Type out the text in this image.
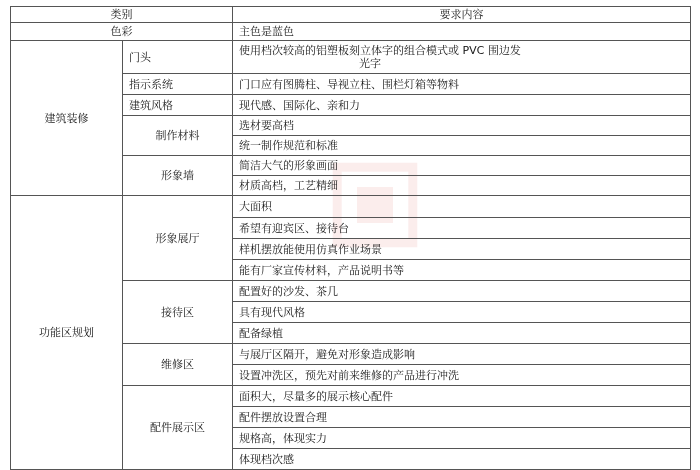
类别		要求内容
色彩		主色是蓝色
建筑装修	门头	使用档次较高的铝塑板刻立体字的组合模式或 PVC 围边发
光字

	指示系统	门口应有图腾柱、导视立柱、围栏灯箱等物料
	建筑风格	现代感、国际化、亲和力
	制作材料	选材要高档
		统一制作规范和标准
	形象墙	简洁大气的形象画面
		材质高档，工艺精细
功能区规划	形象展厅	大面积
		希望有迎宾区、接待台
		样机摆放能使用仿真作业场景
		能有厂家宣传材料，产品说明书等
	接待区	配置好的沙发、茶几
		具有现代风格
		配备绿植
	维修区	与展厅区隔开，避免对形象造成影响
		设置冲洗区，预先对前来维修的产品进行冲洗
	配件展示区	面积大，尽量多的展示核心配件
		配件摆放设置合理
		规格高，体现实力
		体现档次感
